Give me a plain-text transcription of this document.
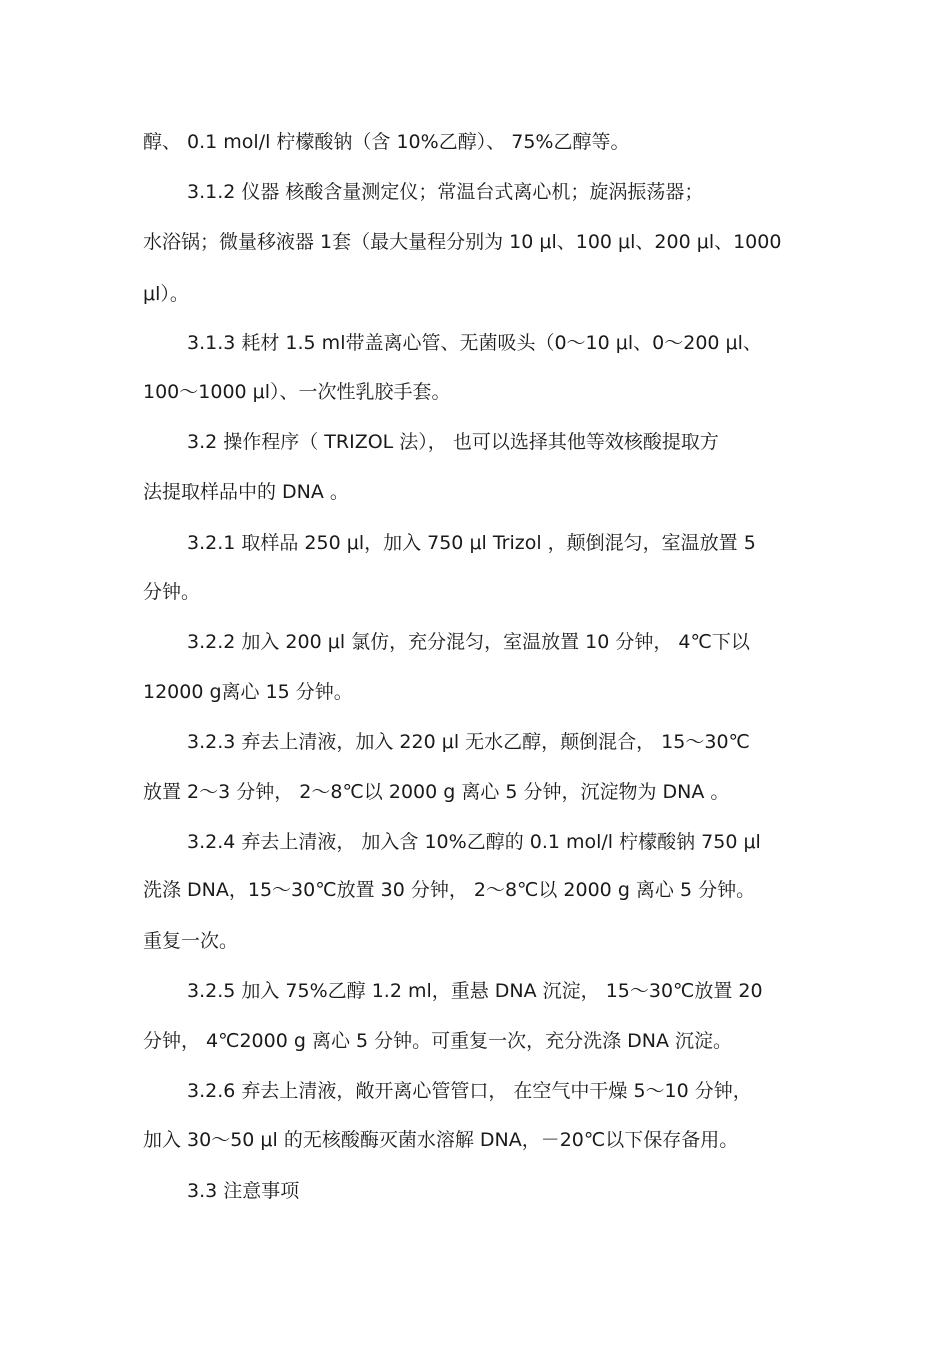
醇、 0.1 mol/l 柠檬酸钠（含 10%乙醇）、 75%乙醇等。
3.1.2 仪器 核酸含量测定仪；常温台式离心机；旋涡振荡器；
水浴锅；微量移液器 1套（最大量程分别为 10 μl、100 μl、200 μl、1000
μl）。
3.1.3 耗材 1.5 ml带盖离心管、无菌吸头（0～10 μl、0～200 μl、
100～1000 μl）、一次性乳胶手套。
3.2 操作程序（ TRIZOL 法）， 也可以选择其他等效核酸提取方
法提取样品中的 DNA 。
3.2.1 取样品 250 μl，加入 750 μl Trizol ，颠倒混匀，室温放置 5
分钟。
3.2.2 加入 200 μl 氯仿，充分混匀，室温放置 10 分钟， 4℃下以
12000 g离心 15 分钟。
3.2.3 弃去上清液，加入 220 μl 无水乙醇，颠倒混合， 15～30℃
放置 2～3 分钟， 2～8℃以 2000 g 离心 5 分钟，沉淀物为 DNA 。
3.2.4 弃去上清液， 加入含 10%乙醇的 0.1 mol/l 柠檬酸钠 750 μl
洗涤 DNA，15～30℃放置 30 分钟， 2～8℃以 2000 g 离心 5 分钟。
重复一次。
3.2.5 加入 75%乙醇 1.2 ml，重悬 DNA 沉淀， 15～30℃放置 20
分钟， 4℃2000 g 离心 5 分钟。可重复一次，充分洗涤 DNA 沉淀。
3.2.6 弃去上清液，敞开离心管管口， 在空气中干燥 5～10 分钟，
加入 30～50 μl 的无核酸酶灭菌水溶解 DNA，－20℃以下保存备用。
3.3 注意事项
